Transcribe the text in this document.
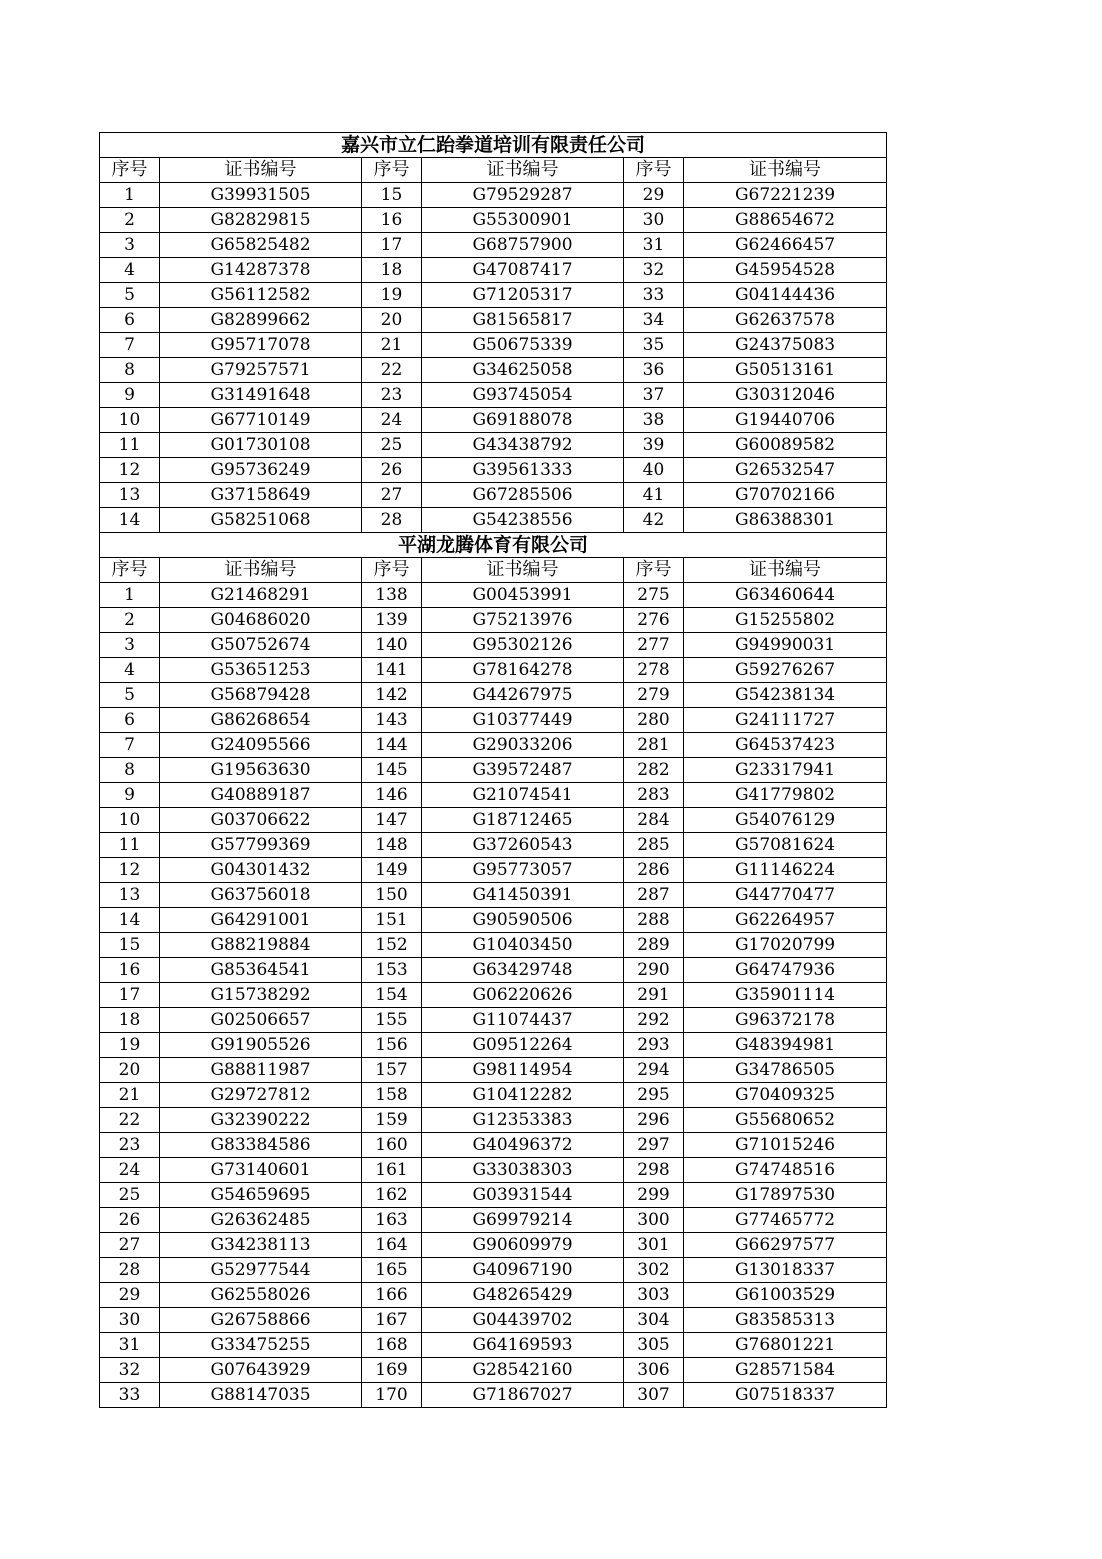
嘉兴市立仁跆拳道培训有限责任公司					
序号	证书编号	序号	证书编号	序号	证书编号
1	G39931505	15	G79529287	29	G67221239
2	G82829815	16	G55300901	30	G88654672
3	G65825482	17	G68757900	31	G62466457
4	G14287378	18	G47087417	32	G45954528
5	G56112582	19	G71205317	33	G04144436
6	G82899662	20	G81565817	34	G62637578
7	G95717078	21	G50675339	35	G24375083
8	G79257571	22	G34625058	36	G50513161
9	G31491648	23	G93745054	37	G30312046
10	G67710149	24	G69188078	38	G19440706
11	G01730108	25	G43438792	39	G60089582
12	G95736249	26	G39561333	40	G26532547
13	G37158649	27	G67285506	41	G70702166
14	G58251068	28	G54238556	42	G86388301
平湖龙腾体育有限公司					
序号	证书编号	序号	证书编号	序号	证书编号
1	G21468291	138	G00453991	275	G63460644
2	G04686020	139	G75213976	276	G15255802
3	G50752674	140	G95302126	277	G94990031
4	G53651253	141	G78164278	278	G59276267
5	G56879428	142	G44267975	279	G54238134
6	G86268654	143	G10377449	280	G24111727
7	G24095566	144	G29033206	281	G64537423
8	G19563630	145	G39572487	282	G23317941
9	G40889187	146	G21074541	283	G41779802
10	G03706622	147	G18712465	284	G54076129
11	G57799369	148	G37260543	285	G57081624
12	G04301432	149	G95773057	286	G11146224
13	G63756018	150	G41450391	287	G44770477
14	G64291001	151	G90590506	288	G62264957
15	G88219884	152	G10403450	289	G17020799
16	G85364541	153	G63429748	290	G64747936
17	G15738292	154	G06220626	291	G35901114
18	G02506657	155	G11074437	292	G96372178
19	G91905526	156	G09512264	293	G48394981
20	G88811987	157	G98114954	294	G34786505
21	G29727812	158	G10412282	295	G70409325
22	G32390222	159	G12353383	296	G55680652
23	G83384586	160	G40496372	297	G71015246
24	G73140601	161	G33038303	298	G74748516
25	G54659695	162	G03931544	299	G17897530
26	G26362485	163	G69979214	300	G77465772
27	G34238113	164	G90609979	301	G66297577
28	G52977544	165	G40967190	302	G13018337
29	G62558026	166	G48265429	303	G61003529
30	G26758866	167	G04439702	304	G83585313
31	G33475255	168	G64169593	305	G76801221
32	G07643929	169	G28542160	306	G28571584
33	G88147035	170	G71867027	307	G07518337
